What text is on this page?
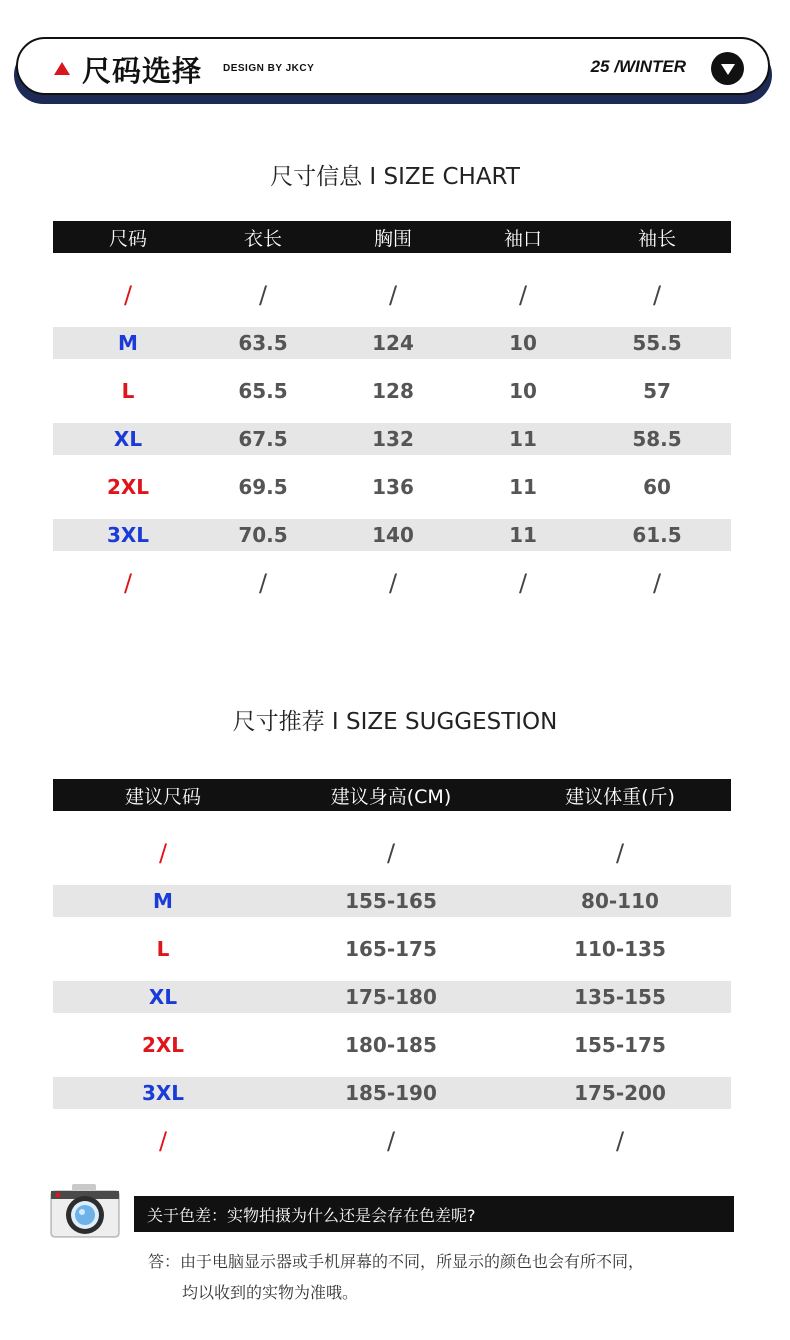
尺码选择 DESIGN BY JKCY	25 /WINTER
尺寸信息 I SIZE CHART
尺码	衣长	胸围	袖口	袖长
/	/	/	/	/
M	63.5	124	10	55.5
L	65.5	128	10	57
XL	67.5	132	11	58.5
2XL	69.5	136	11	60
3XL	70.5	140	11	61.5
/	/	/	/	/
尺寸推荐 I SIZE SUGGESTION
建议尺码	建议身高(CM)	建议体重(斤)
/	/	/
M	155-165	80-110
L	165-175	110-135
XL	175-180	135-155
2XL	180-185	155-175
3XL	185-190	175-200
/	/	/
关于色差：实物拍摄为什么还是会存在色差呢?
答：由于电脑显示器或手机屏幕的不同，所显示的颜色也会有所不同，
均以收到的实物为准哦。
